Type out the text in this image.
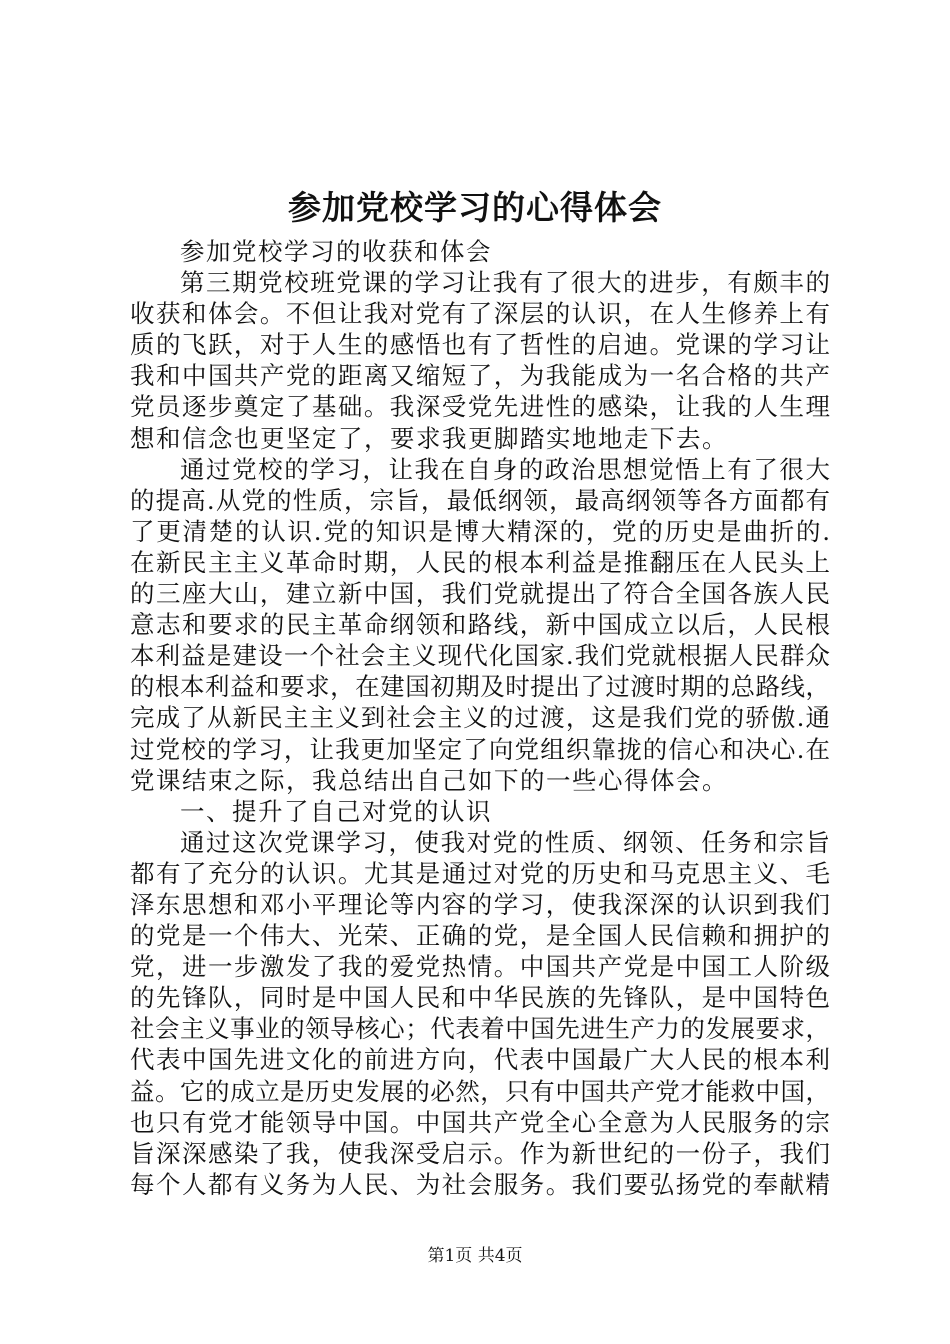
参加党校学习的心得体会
参加党校学习的收获和体会
第三期党校班党课的学习让我有了很大的进步，有颇丰的
收获和体会。不但让我对党有了深层的认识，在人生修养上有
质的飞跃，对于人生的感悟也有了哲性的启迪。党课的学习让
我和中国共产党的距离又缩短了，为我能成为一名合格的共产
党员逐步奠定了基础。我深受党先进性的感染，让我的人生理
想和信念也更坚定了，要求我更脚踏实地地走下去。
通过党校的学习，让我在自身的政治思想觉悟上有了很大
的提高.从党的性质，宗旨，最低纲领，最高纲领等各方面都有
了更清楚的认识.党的知识是博大精深的，党的历史是曲折的.
在新民主主义革命时期，人民的根本利益是推翻压在人民头上
的三座大山，建立新中国，我们党就提出了符合全国各族人民
意志和要求的民主革命纲领和路线，新中国成立以后，人民根
本利益是建设一个社会主义现代化国家.我们党就根据人民群众
的根本利益和要求，在建国初期及时提出了过渡时期的总路线，
完成了从新民主主义到社会主义的过渡，这是我们党的骄傲.通
过党校的学习，让我更加坚定了向党组织靠拢的信心和决心.在
党课结束之际，我总结出自己如下的一些心得体会。
一、提升了自己对党的认识
通过这次党课学习，使我对党的性质、纲领、任务和宗旨
都有了充分的认识。尤其是通过对党的历史和马克思主义、毛
泽东思想和邓小平理论等内容的学习，使我深深的认识到我们
的党是一个伟大、光荣、正确的党，是全国人民信赖和拥护的
党，进一步激发了我的爱党热情。中国共产党是中国工人阶级
的先锋队，同时是中国人民和中华民族的先锋队，是中国特色
社会主义事业的领导核心；代表着中国先进生产力的发展要求，
代表中国先进文化的前进方向，代表中国最广大人民的根本利
益。它的成立是历史发展的必然，只有中国共产党才能救中国，
也只有党才能领导中国。中国共产党全心全意为人民服务的宗
旨深深感染了我，使我深受启示。作为新世纪的一份子，我们
每个人都有义务为人民、为社会服务。我们要弘扬党的奉献精
第1页 共4页
